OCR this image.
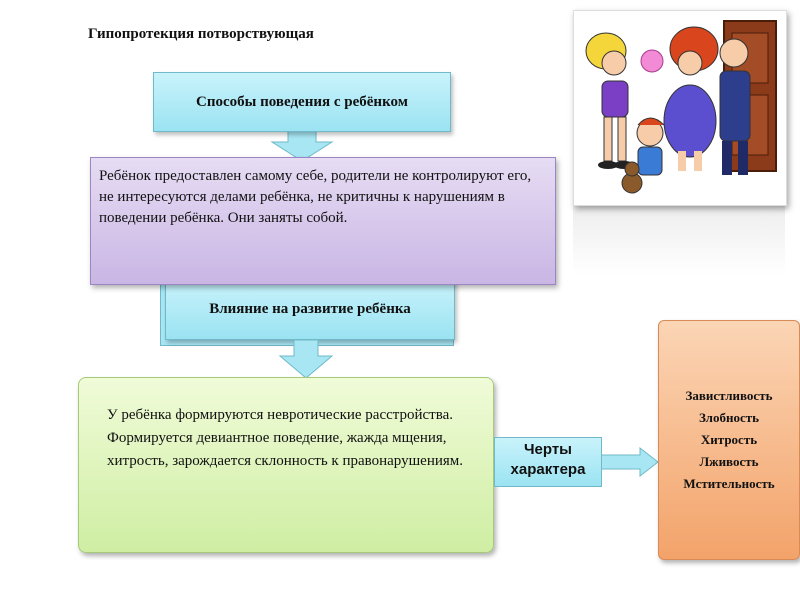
Гипопротекция потворствующая
Способы поведения с ребёнком
Влияние на развитие ребёнка
Ребёнок предоставлен самому себе, родители не контролируют его, не интересуются делами ребёнка, не критичны к нарушениям в поведении ребёнка. Они заняты собой.
У ребёнка формируются невротические расстройства. Формируется девиантное поведение, жажда мщения, хитрость, зарождается склонность к правонарушениям.
Черты характера
Завистливость
Злобность
Хитрость
Лживость
Мстительность
